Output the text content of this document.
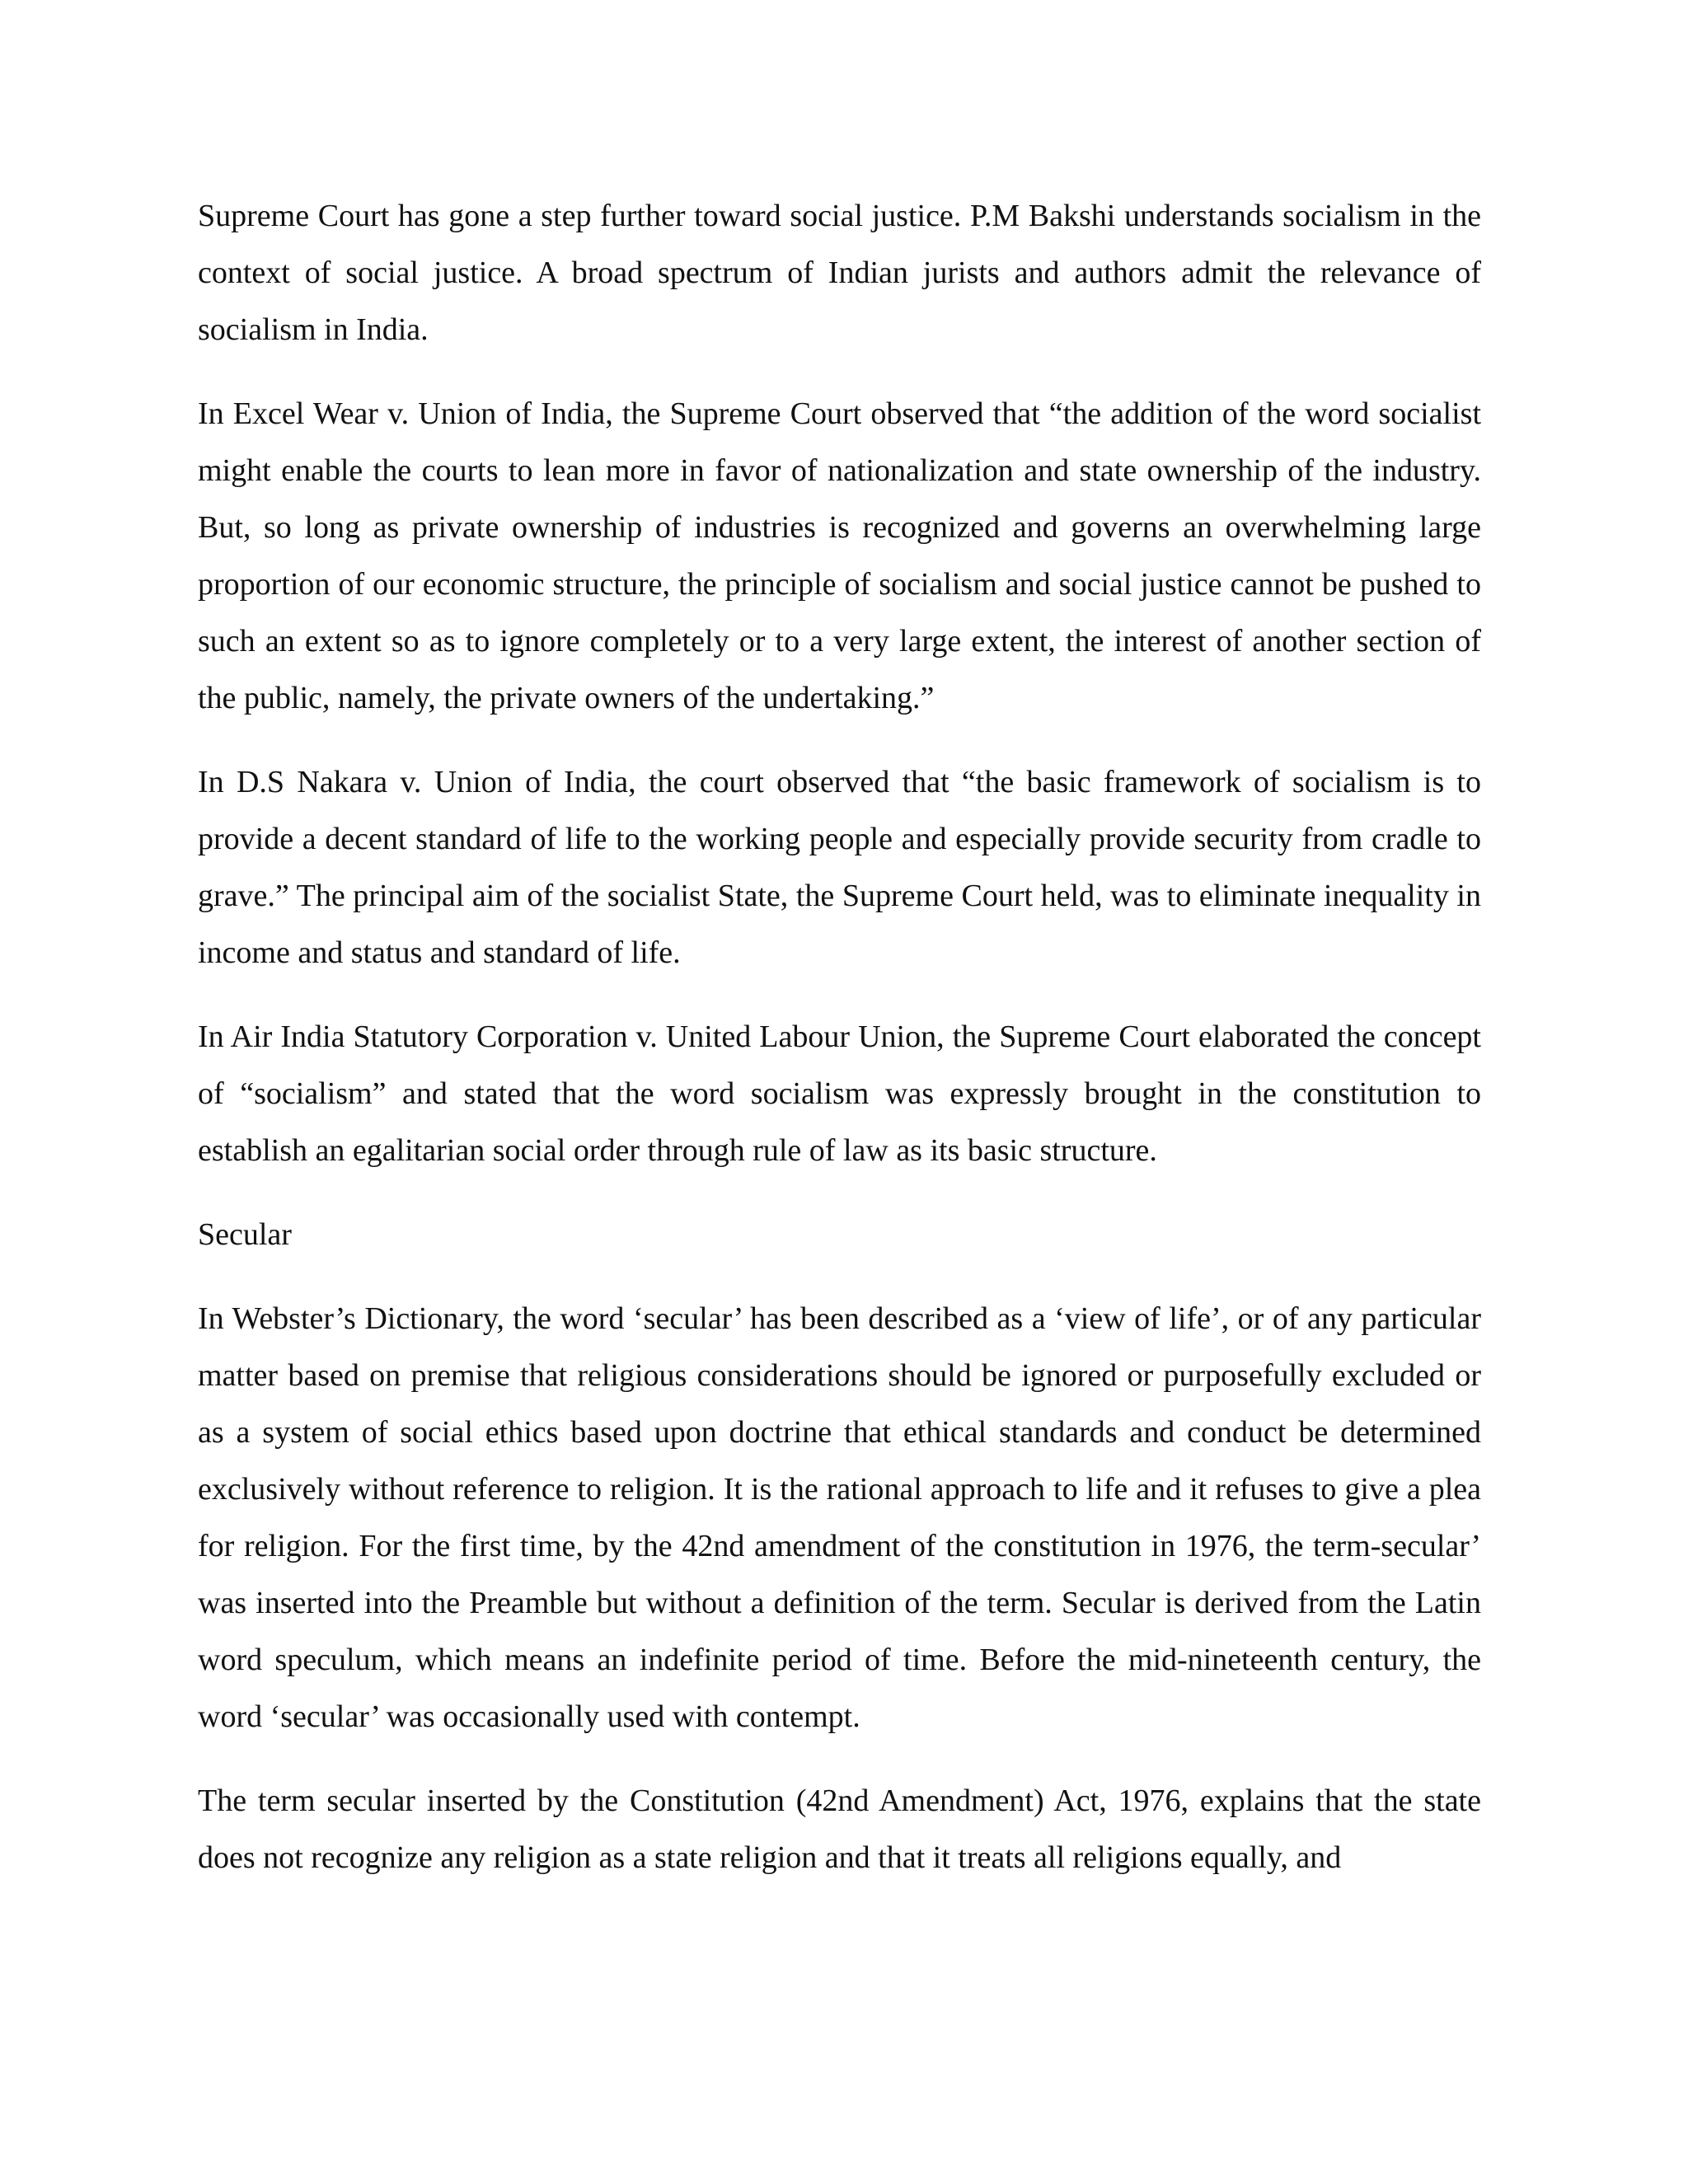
Supreme Court has gone a step further toward social justice. P.M Bakshi understands socialism in the context of social justice. A broad spectrum of Indian jurists and authors admit the relevance of socialism in India.

In Excel Wear v. Union of India, the Supreme Court observed that “the addition of the word socialist might enable the courts to lean more in favor of nationalization and state ownership of the industry. But, so long as private ownership of industries is recognized and governs an overwhelming large proportion of our economic structure, the principle of socialism and social justice cannot be pushed to such an extent so as to ignore completely or to a very large extent, the interest of another section of the public, namely, the private owners of the undertaking.”

In D.S Nakara v. Union of India, the court observed that “the basic framework of socialism is to provide a decent standard of life to the working people and especially provide security from cradle to grave.” The principal aim of the socialist State, the Supreme Court held, was to eliminate inequality in income and status and standard of life.

In Air India Statutory Corporation v. United Labour Union, the Supreme Court elaborated the concept of “socialism” and stated that the word socialism was expressly brought in the constitution to establish an egalitarian social order through rule of law as its basic structure.

Secular

In Webster’s Dictionary, the word ‘secular’ has been described as a ‘view of life’, or of any particular matter based on premise that religious considerations should be ignored or purposefully excluded or as a system of social ethics based upon doctrine that ethical standards and conduct be determined exclusively without reference to religion. It is the rational approach to life and it refuses to give a plea for religion. For the first time, by the 42nd amendment of the constitution in 1976, the term-secular’ was inserted into the Preamble but without a definition of the term. Secular is derived from the Latin word speculum, which means an indefinite period of time. Before the mid-nineteenth century, the word ‘secular’ was occasionally used with contempt.

The term secular inserted by the Constitution (42nd Amendment) Act, 1976, explains that the state does not recognize any religion as a state religion and that it treats all religions equally, and
